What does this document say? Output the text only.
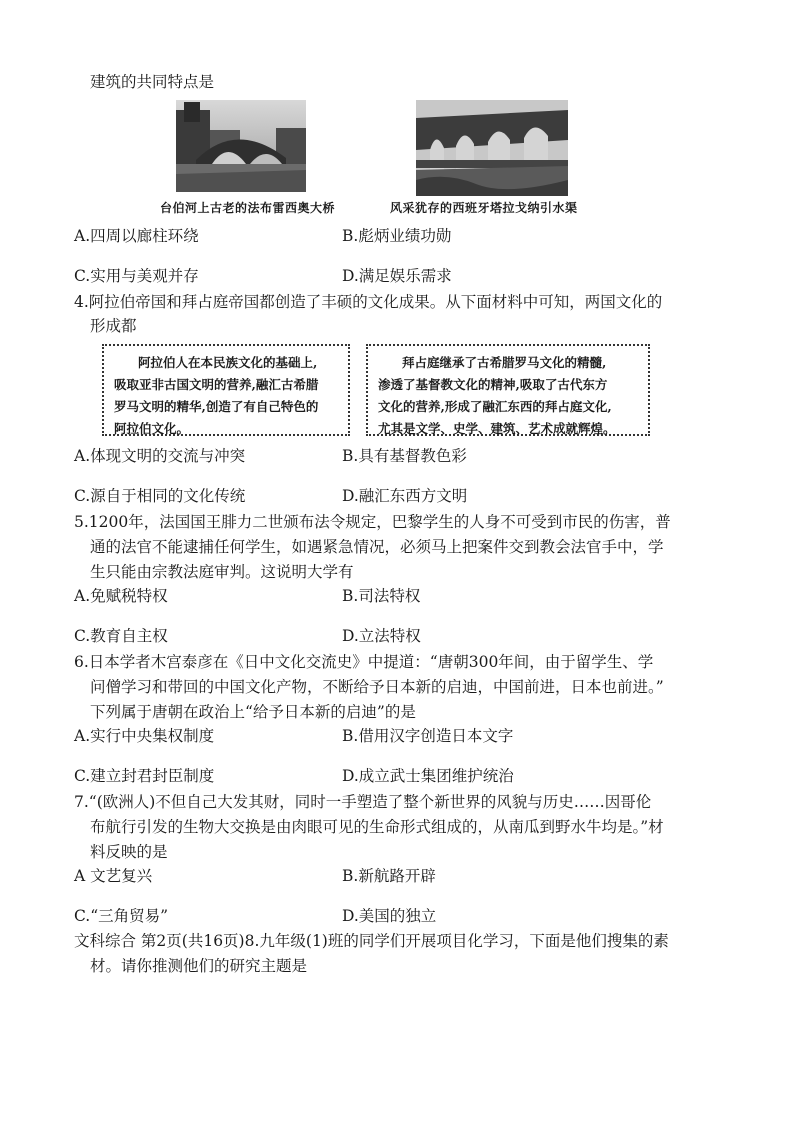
建筑的共同特点是
台伯河上古老的法布雷西奥大桥	风采犹存的西班牙塔拉戈纳引水渠
A.四周以廊柱环绕	B.彪炳业绩功勋
C.实用与美观并存	D.满足娱乐需求
4.阿拉伯帝国和拜占庭帝国都创造了丰硕的文化成果。从下面材料中可知，两国文化的
形成都

阿拉伯人在本民族文化的基础上,

吸取亚非古国文明的营养,融汇古希腊

罗马文明的精华,创造了有自己特色的

阿拉伯文化。

拜占庭继承了古希腊罗马文化的精髓,

渗透了基督教文化的精神,吸取了古代东方

文化的营养,形成了融汇东西的拜占庭文化,

尤其是文学、史学、建筑、艺术成就辉煌。

A.体现文明的交流与冲突	B.具有基督教色彩
C.源自于相同的文化传统	D.融汇东西方文明
5.1200年，法国国王腓力二世颁布法令规定，巴黎学生的人身不可受到市民的伤害，普
通的法官不能逮捕任何学生，如遇紧急情况，必须马上把案件交到教会法官手中，学
生只能由宗教法庭审判。这说明大学有
A.免赋税特权	B.司法特权
C.教育自主权	D.立法特权
6.日本学者木宫泰彦在《日中文化交流史》中提道：“唐朝300年间，由于留学生、学
问僧学习和带回的中国文化产物，不断给予日本新的启迪，中国前进，日本也前进。”
下列属于唐朝在政治上“给予日本新的启迪”的是
A.实行中央集权制度	B.借用汉字创造日本文字
C.建立封君封臣制度	D.成立武士集团维护统治
7.“(欧洲人)不但自己大发其财，同时一手塑造了整个新世界的风貌与历史……因哥伦
布航行引发的生物大交换是由肉眼可见的生命形式组成的，从南瓜到野水牛均是。”材
料反映的是
A 文艺复兴	B.新航路开辟
C.“三角贸易”	D.美国的独立
文科综合 第2页(共16页)8.九年级(1)班的同学们开展项目化学习，下面是他们搜集的素
材。请你推测他们的研究主题是
